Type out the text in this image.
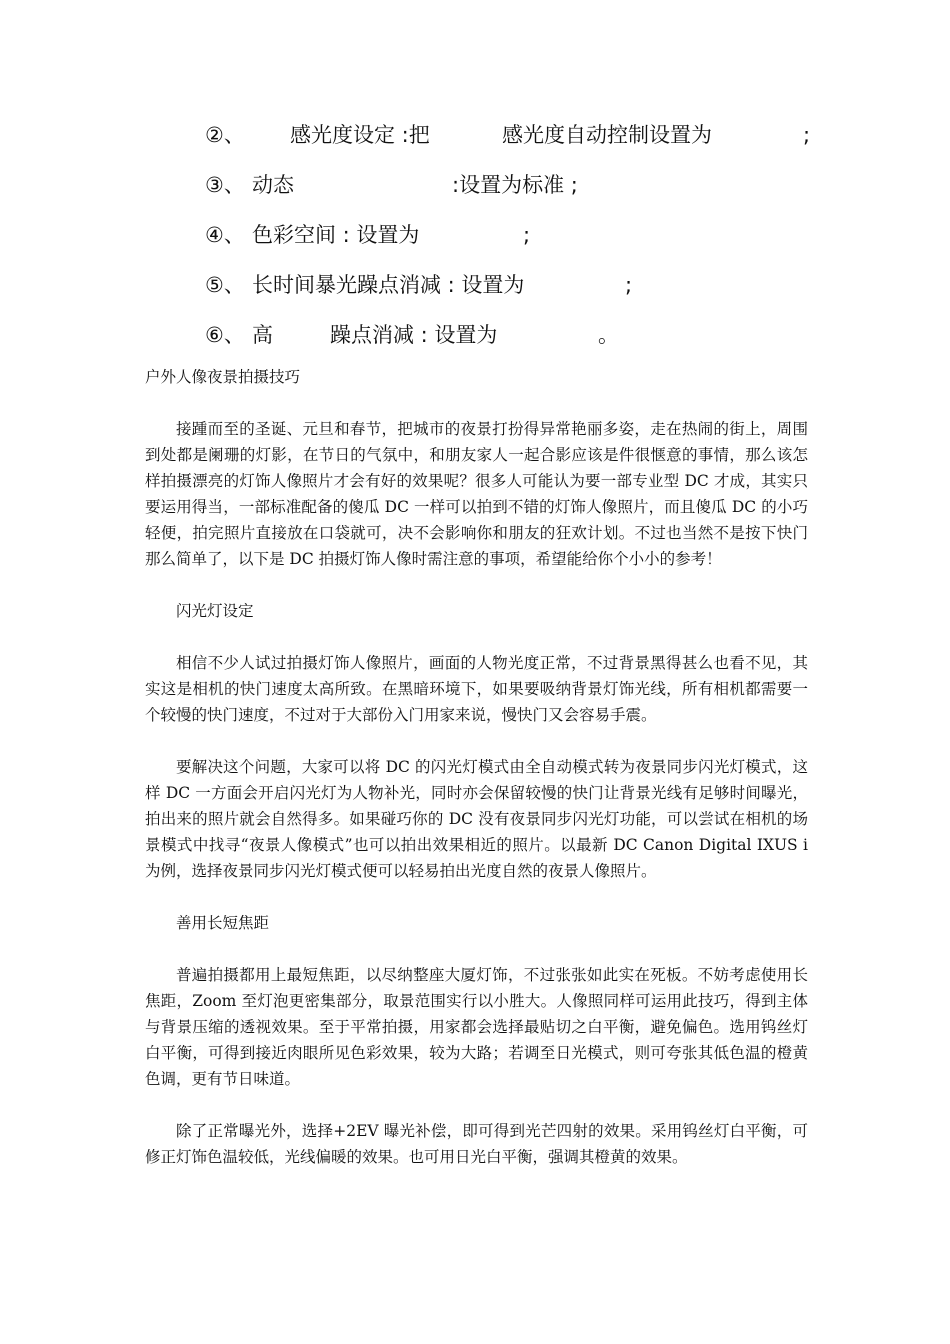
②、 感光度设定 :把	感光度自动控制设置为	;
③、 动态	:设置为标准 ;
④、 色彩空间 : 设置为	;
⑤、 长时间暴光躁点消减 : 设置为	;
⑥、 高	躁点消减 : 设置为	。

户外人像夜景拍摄技巧

接踵而至的圣诞、元旦和春节，把城市的夜景打扮得异常艳丽多姿，走在热闹的街上，周围到处都是阑珊的灯影，在节日的气氛中，和朋友家人一起合影应该是件很惬意的事情，那么该怎样拍摄漂亮的灯饰人像照片才会有好的效果呢？很多人可能认为要一部专业型 DC 才成，其实只要运用得当，一部标准配备的傻瓜 DC 一样可以拍到不错的灯饰人像照片，而且傻瓜 DC 的小巧轻便，拍完照片直接放在口袋就可，决不会影响你和朋友的狂欢计划。不过也当然不是按下快门那么简单了，以下是 DC 拍摄灯饰人像时需注意的事项，希望能给你个小小的参考！

闪光灯设定

相信不少人试过拍摄灯饰人像照片，画面的人物光度正常，不过背景黑得甚么也看不见，其实这是相机的快门速度太高所致。在黑暗环境下，如果要吸纳背景灯饰光线，所有相机都需要一个较慢的快门速度，不过对于大部份入门用家来说，慢快门又会容易手震。

要解决这个问题，大家可以将 DC 的闪光灯模式由全自动模式转为夜景同步闪光灯模式，这样 DC 一方面会开启闪光灯为人物补光，同时亦会保留较慢的快门让背景光线有足够时间曝光，拍出来的照片就会自然得多。如果碰巧你的 DC 没有夜景同步闪光灯功能，可以尝试在相机的场景模式中找寻“夜景人像模式”也可以拍出效果相近的照片。以最新 DC Canon Digital IXUS i 为例，选择夜景同步闪光灯模式便可以轻易拍出光度自然的夜景人像照片。

善用长短焦距

普遍拍摄都用上最短焦距，以尽纳整座大厦灯饰，不过张张如此实在死板。不妨考虑使用长焦距，Zoom 至灯泡更密集部分，取景范围实行以小胜大。人像照同样可运用此技巧，得到主体与背景压缩的透视效果。至于平常拍摄，用家都会选择最贴切之白平衡，避免偏色。选用钨丝灯白平衡，可得到接近肉眼所见色彩效果，较为大路；若调至日光模式，则可夸张其低色温的橙黄色调，更有节日味道。

除了正常曝光外，选择+2EV 曝光补偿，即可得到光芒四射的效果。采用钨丝灯白平衡，可修正灯饰色温较低，光线偏暖的效果。也可用日光白平衡，强调其橙黄的效果。
